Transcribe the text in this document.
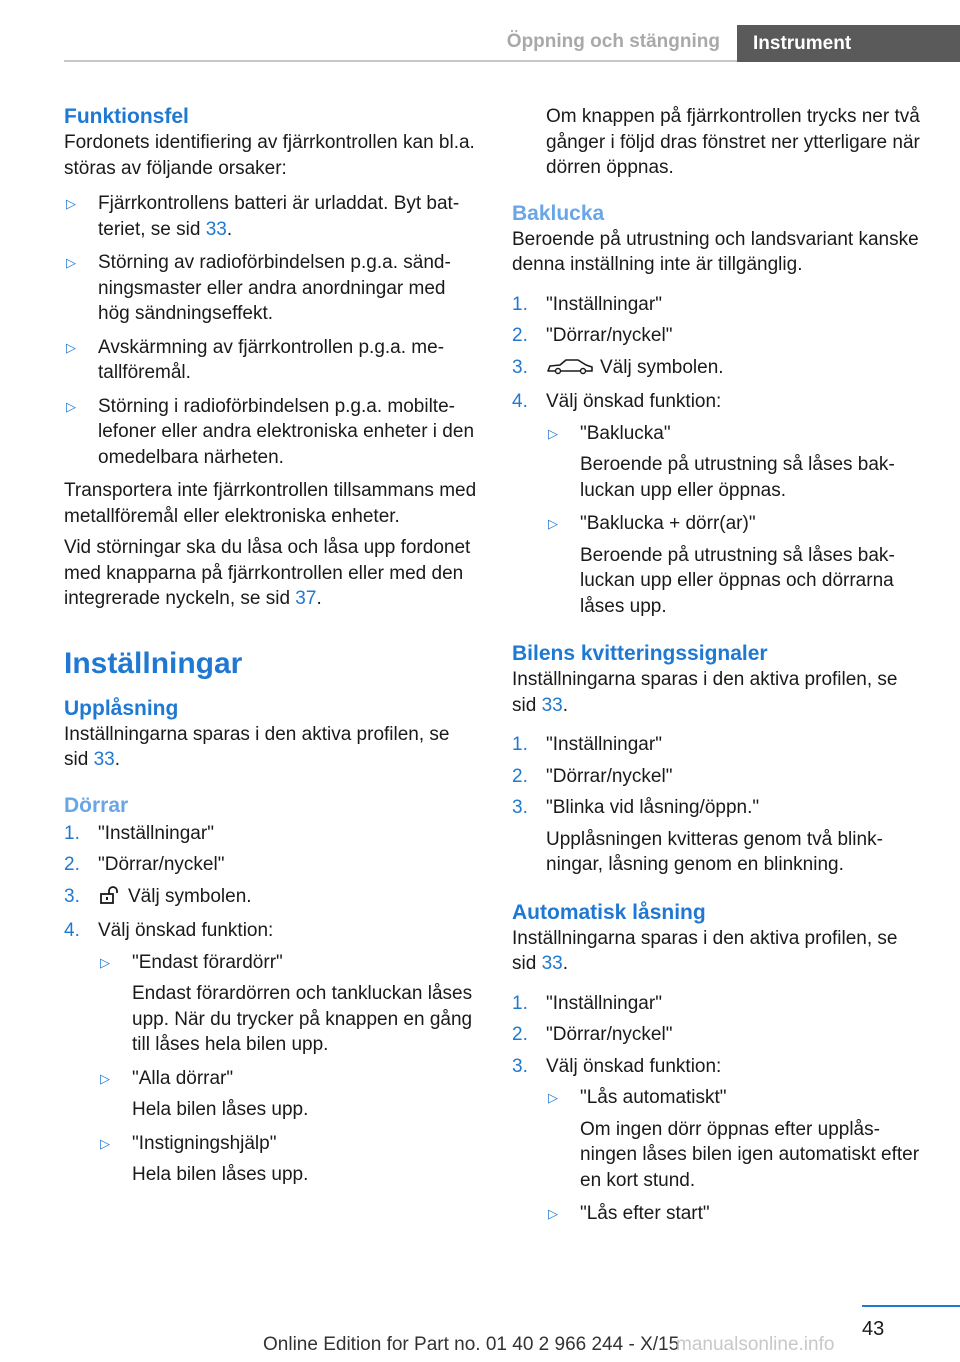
Öppning och stängning	Instrument
Funktionsfel
Fordonets identifiering av fjärrkontrollen kan bl.a. störas av följande orsaker:
▷ Fjärrkontrollens batteri är urladdat. Byt batteriet, se sid 33.
▷ Störning av radioförbindelsen p.g.a. sändningsmaster eller andra anordningar med hög sändningseffekt.
▷ Avskärmning av fjärrkontrollen p.g.a. metallföremål.
▷ Störning i radioförbindelsen p.g.a. mobiltelefoner eller andra elektroniska enheter i den omedelbara närheten.
Transportera inte fjärrkontrollen tillsammans med metallföremål eller elektroniska enheter.
Vid störningar ska du låsa och låsa upp fordonet med knapparna på fjärrkontrollen eller med den integrerade nyckeln, se sid 37.
Inställningar
Upplåsning
Inställningarna sparas i den aktiva profilen, se sid 33.
Dörrar
1. "Inställningar"
2. "Dörrar/nyckel"
3.	Välj symbolen.
4. Välj önskad funktion:
▷ "Endast förardörr"
Endast förardörren och tankluckan låses upp. När du trycker på knappen en gång till låses hela bilen upp.
▷ "Alla dörrar"
Hela bilen låses upp.
▷ "Instigningshjälp"
Hela bilen låses upp.
Om knappen på fjärrkontrollen trycks ner två gånger i följd dras fönstret ner ytterligare när dörren öppnas.
Baklucka
Beroende på utrustning och landsvariant kanske denna inställning inte är tillgänglig.
1. "Inställningar"
2. "Dörrar/nyckel"
3.	Välj symbolen.
4. Välj önskad funktion:
▷ "Baklucka"
Beroende på utrustning så låses bakluckan upp eller öppnas.
▷ "Baklucka + dörr(ar)"
Beroende på utrustning så låses bakluckan upp eller öppnas och dörrarna låses upp.
Bilens kvitteringssignaler
Inställningarna sparas i den aktiva profilen, se sid 33.
1. "Inställningar"
2. "Dörrar/nyckel"
3. "Blinka vid låsning/öppn."
Upplåsningen kvitteras genom två blinkningar, låsning genom en blinkning.
Automatisk låsning
Inställningarna sparas i den aktiva profilen, se sid 33.
1. "Inställningar"
2. "Dörrar/nyckel"
3. Välj önskad funktion:
▷ "Lås automatiskt"
Om ingen dörr öppnas efter upplåsningen låses bilen igen automatiskt efter en kort stund.
▷ "Lås efter start"
43
Online Edition for Part no. 01 40 2 966 244 - X/15
manualsonline.info
